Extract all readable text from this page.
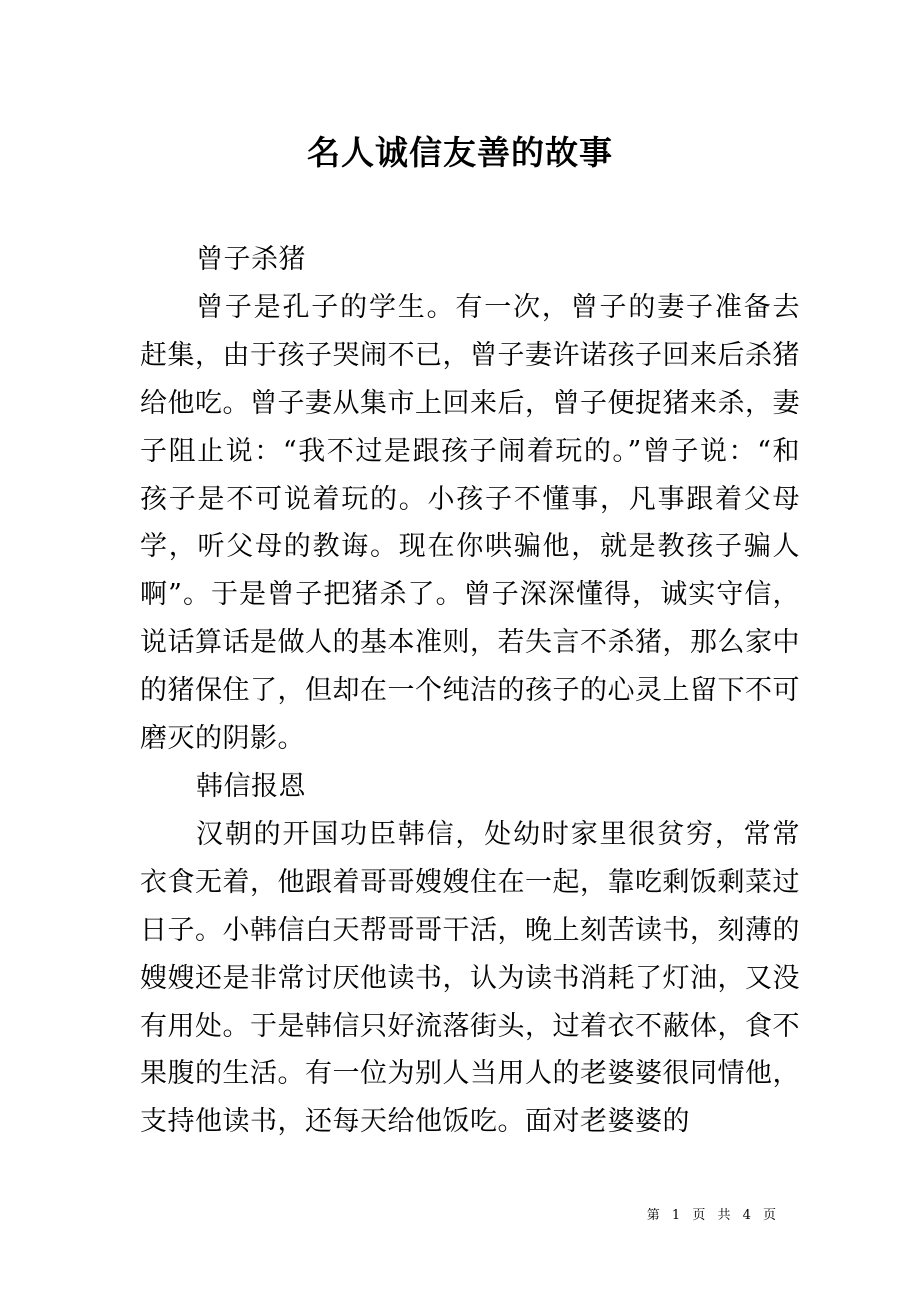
名人诚信友善的故事

曾子杀猪

曾子是孔子的学生。有一次，曾子的妻子准备去赶集，由于孩子哭闹不已，曾子妻许诺孩子回来后杀猪给他吃。曾子妻从集市上回来后，曾子便捉猪来杀，妻子阻止说：“我不过是跟孩子闹着玩的。”曾子说：“和孩子是不可说着玩的。小孩子不懂事，凡事跟着父母学，听父母的教诲。现在你哄骗他，就是教孩子骗人啊”。于是曾子把猪杀了。曾子深深懂得，诚实守信，说话算话是做人的基本准则，若失言不杀猪，那么家中的猪保住了，但却在一个纯洁的孩子的心灵上留下不可磨灭的阴影。

韩信报恩

汉朝的开国功臣韩信，处幼时家里很贫穷，常常衣食无着，他跟着哥哥嫂嫂住在一起，靠吃剩饭剩菜过日子。小韩信白天帮哥哥干活，晚上刻苦读书，刻薄的嫂嫂还是非常讨厌他读书，认为读书消耗了灯油，又没有用处。于是韩信只好流落街头，过着衣不蔽体，食不果腹的生活。有一位为别人当用人的老婆婆很同情他，支持他读书，还每天给他饭吃。面对老婆婆的

第 1 页 共 4 页
